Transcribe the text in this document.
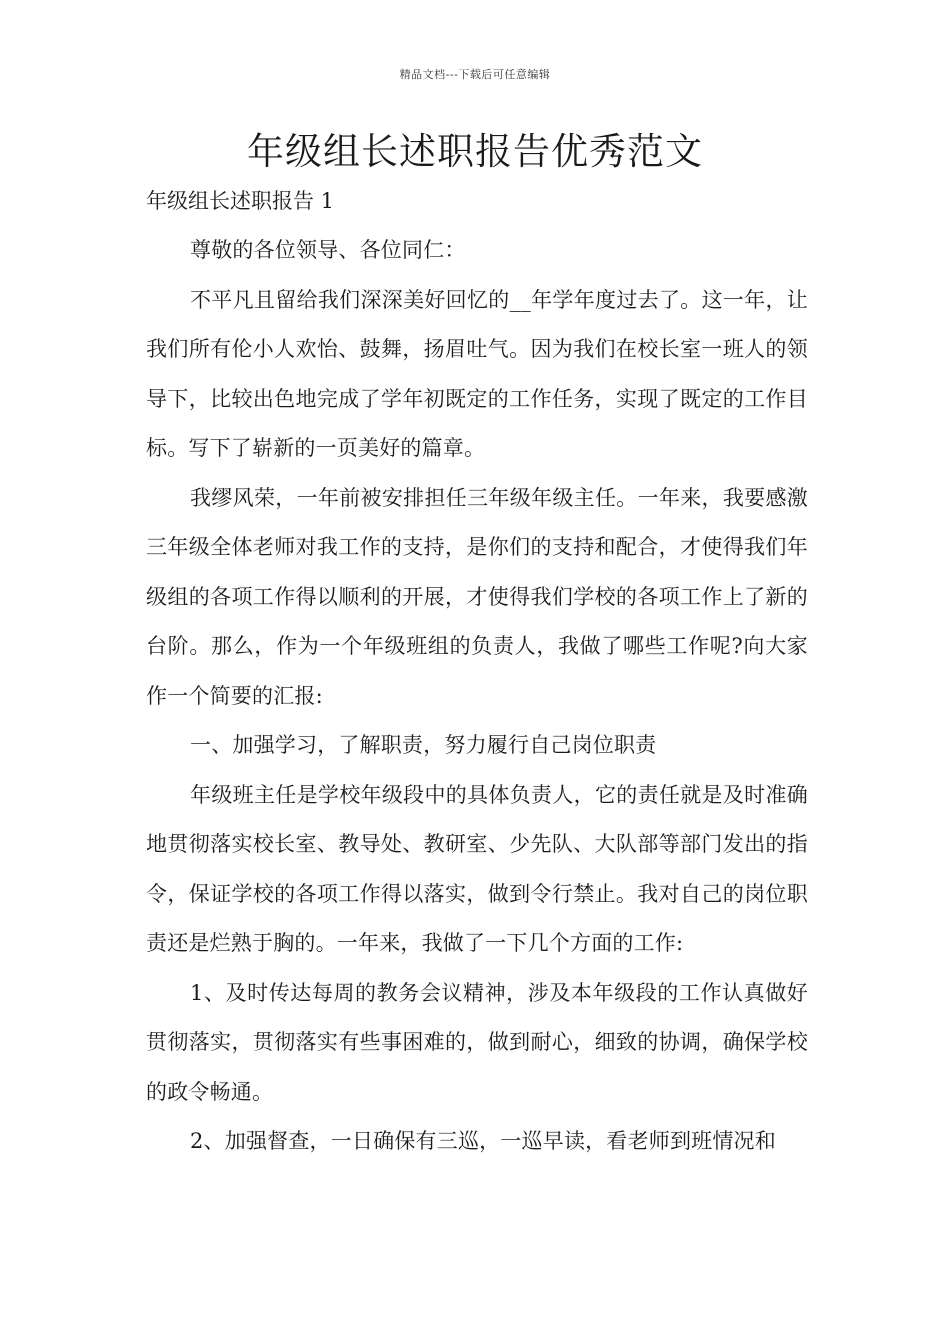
精品文档---下载后可任意编辑
年级组长述职报告优秀范文

年级组长述职报告 1

尊敬的各位领导、各位同仁：

不平凡且留给我们深深美好回忆的__年学年度过去了。这一年，让我们所有伦小人欢怡、鼓舞，扬眉吐气。因为我们在校长室一班人的领导下，比较出色地完成了学年初既定的工作任务，实现了既定的工作目标。写下了崭新的一页美好的篇章。

我缪风荣，一年前被安排担任三年级年级主任。一年来，我要感激三年级全体老师对我工作的支持，是你们的支持和配合，才使得我们年级组的各项工作得以顺利的开展，才使得我们学校的各项工作上了新的台阶。那么，作为一个年级班组的负责人，我做了哪些工作呢?向大家作一个简要的汇报:

一、加强学习，了解职责，努力履行自己岗位职责

年级班主任是学校年级段中的具体负责人，它的责任就是及时准确地贯彻落实校长室、教导处、教研室、少先队、大队部等部门发出的指令，保证学校的各项工作得以落实，做到令行禁止。我对自己的岗位职责还是烂熟于胸的。一年来，我做了一下几个方面的工作:

1、及时传达每周的教务会议精神，涉及本年级段的工作认真做好贯彻落实，贯彻落实有些事困难的，做到耐心，细致的协调，确保学校的政令畅通。

2、加强督查，一日确保有三巡，一巡早读，看老师到班情况和
